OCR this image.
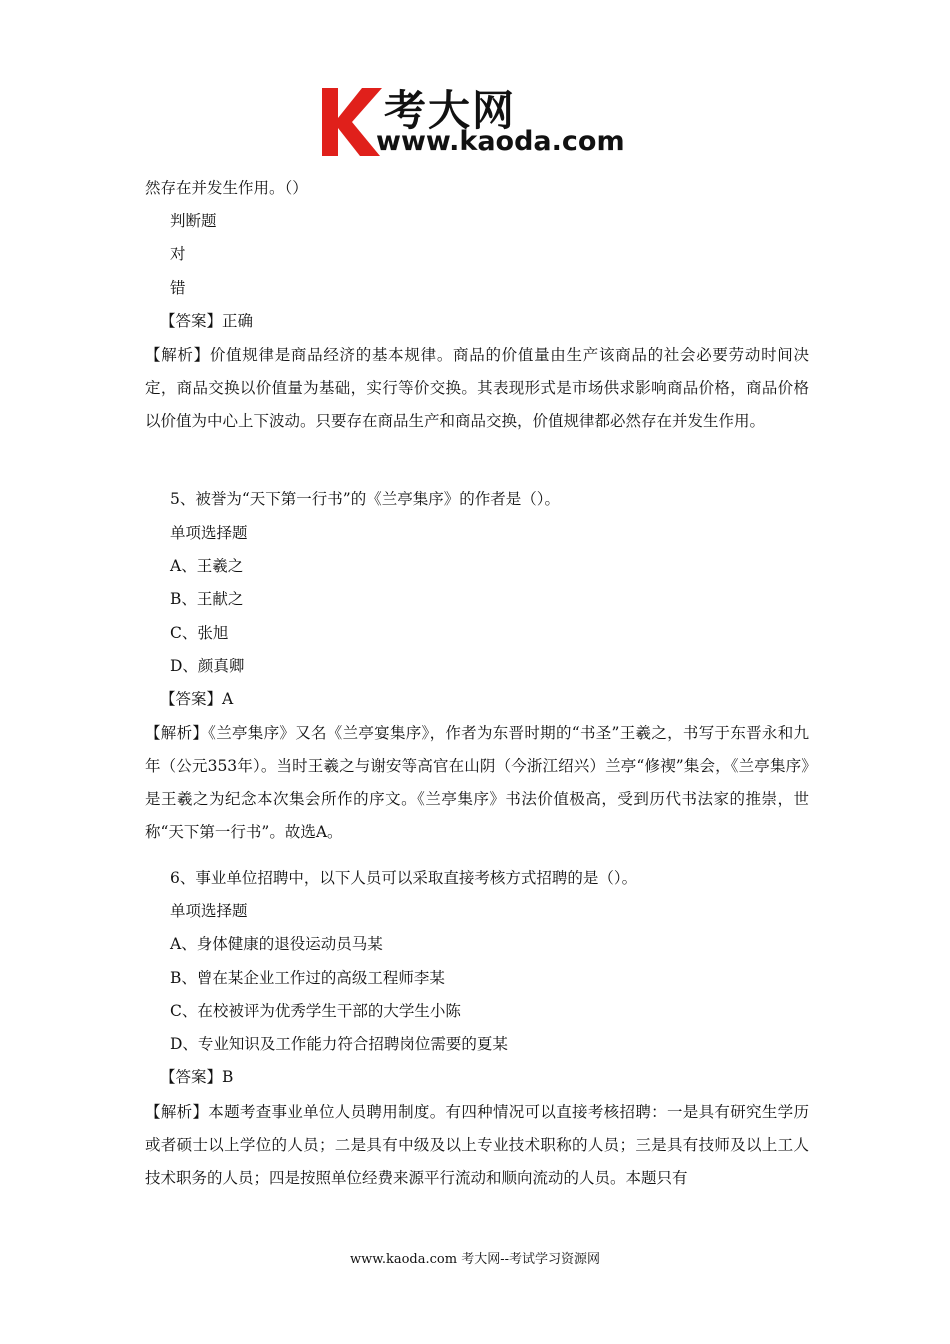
考大网
www.kaoda.com
然存在并发生作用。（）
判断题
对
错
【答案】正确
【解析】价值规律是商品经济的基本规律。商品的价值量由生产该商品的社会必要劳动时间决定，商品交换以价值量为基础，实行等价交换。其表现形式是市场供求影响商品价格，商品价格以价值为中心上下波动。只要存在商品生产和商品交换，价值规律都必然存在并发生作用。
5、被誉为“天下第一行书”的《兰亭集序》的作者是（）。
单项选择题
A、王羲之
B、王献之
C、张旭
D、颜真卿
【答案】A
【解析】《兰亭集序》又名《兰亭宴集序》，作者为东晋时期的“书圣”王羲之，书写于东晋永和九年（公元353年）。当时王羲之与谢安等高官在山阴（今浙江绍兴）兰亭“修禊”集会，《兰亭集序》是王羲之为纪念本次集会所作的序文。《兰亭集序》书法价值极高，受到历代书法家的推崇，世称“天下第一行书”。故选A。
6、事业单位招聘中，以下人员可以采取直接考核方式招聘的是（）。
单项选择题
A、身体健康的退役运动员马某
B、曾在某企业工作过的高级工程师李某
C、在校被评为优秀学生干部的大学生小陈
D、专业知识及工作能力符合招聘岗位需要的夏某
【答案】B
【解析】本题考查事业单位人员聘用制度。有四种情况可以直接考核招聘：一是具有研究生学历或者硕士以上学位的人员；二是具有中级及以上专业技术职称的人员；三是具有技师及以上工人技术职务的人员；四是按照单位经费来源平行流动和顺向流动的人员。本题只有
www.kaoda.com 考大网--考试学习资源网
